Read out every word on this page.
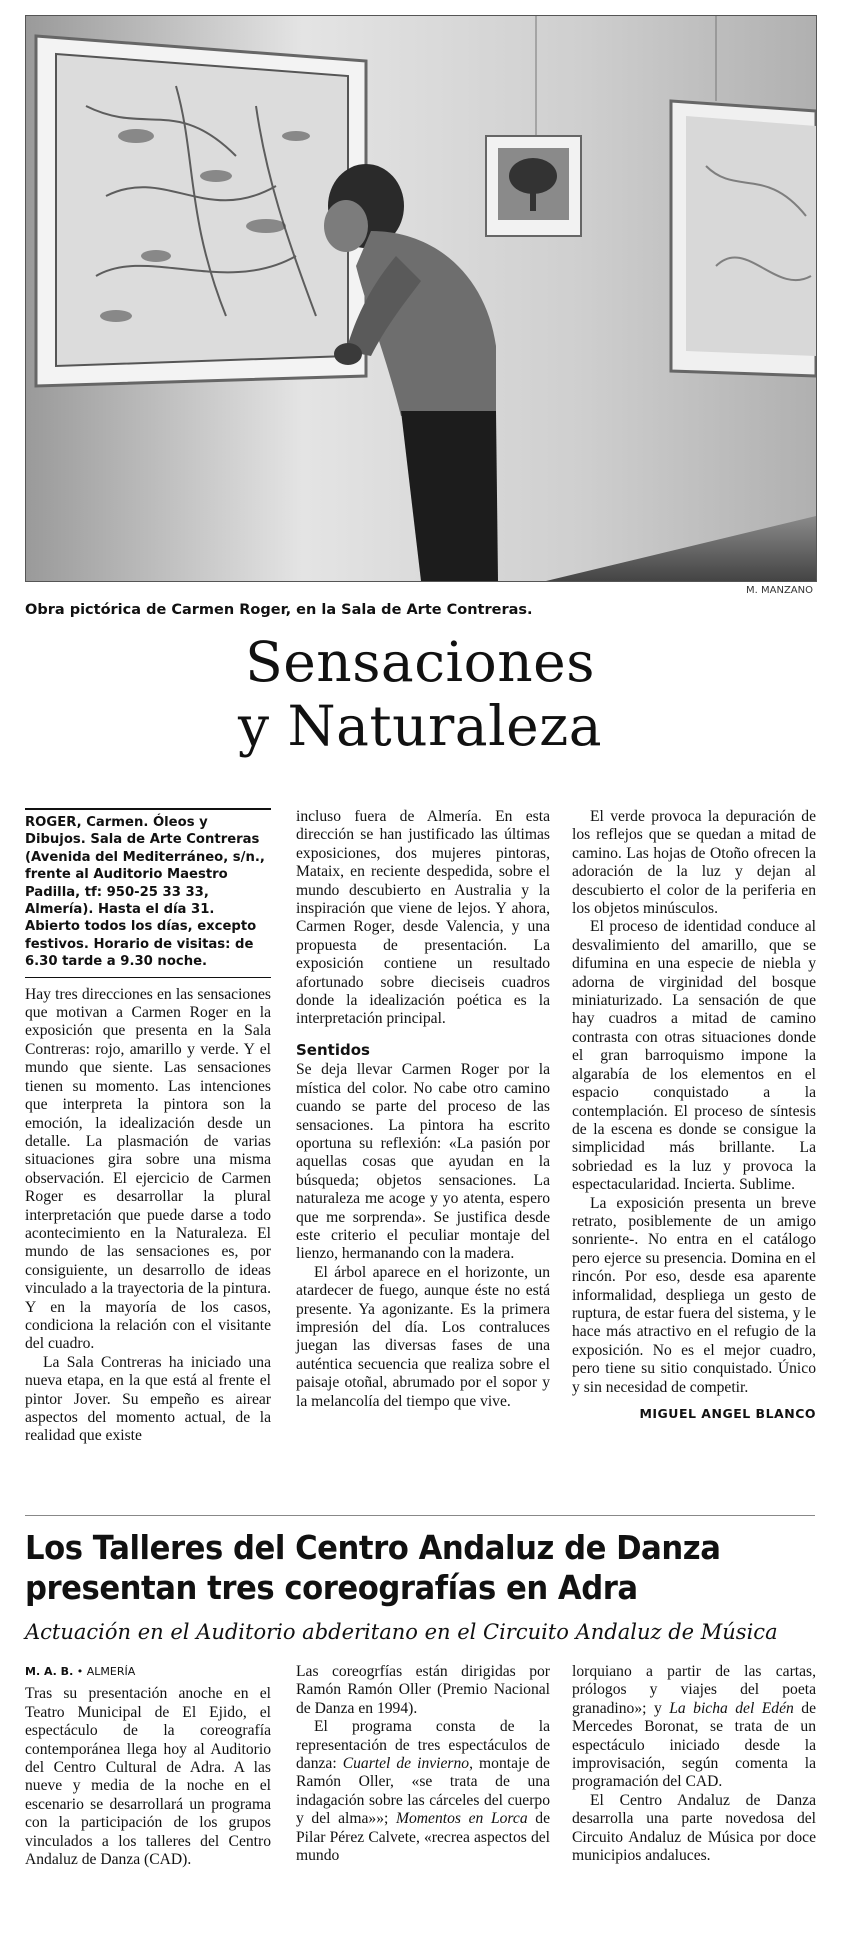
M. MANZANO
Obra pictórica de Carmen Roger, en la Sala de Arte Contreras.
Sensaciones
y Naturaleza
ROGER, Carmen. Óleos y Dibujos. Sala de Arte Contreras (Avenida del Mediterráneo, s/n., frente al Auditorio Maestro Padilla, tf: 950-25 33 33, Almería). Hasta el día 31. Abierto todos los días, excepto festivos. Horario de visitas: de 6.30 tarde a 9.30 noche.

Hay tres direcciones en las sensaciones que motivan a Carmen Roger en la exposición que presenta en la Sala Contreras: rojo, amarillo y verde. Y el mundo que siente. Las sensaciones tienen su momento. Las intenciones que interpreta la pintora son la emoción, la idealización desde un detalle. La plasmación de varias situaciones gira sobre una misma observación. El ejercicio de Carmen Roger es desarrollar la plural interpretación que puede darse a todo acontecimiento en la Naturaleza. El mundo de las sensaciones es, por consiguiente, un desarrollo de ideas vinculado a la trayectoria de la pintura. Y en la mayoría de los casos, condiciona la relación con el visitante del cuadro.

La Sala Contreras ha iniciado una nueva etapa, en la que está al frente el pintor Jover. Su empeño es airear aspectos del momento actual, de la realidad que existe

incluso fuera de Almería. En esta dirección se han justificado las últimas exposiciones, dos mujeres pintoras, Mataix, en reciente despedida, sobre el mundo descubierto en Australia y la inspiración que viene de lejos. Y ahora, Carmen Roger, desde Valencia, y una propuesta de presentación. La exposición contiene un resultado afortunado sobre dieciseis cuadros donde la idealización poética es la interpretación principal.

Sentidos

Se deja llevar Carmen Roger por la mística del color. No cabe otro camino cuando se parte del proceso de las sensaciones. La pintora ha escrito oportuna su reflexión: «La pasión por aquellas cosas que ayudan en la búsqueda; objetos sensaciones. La naturaleza me acoge y yo atenta, espero que me sorprenda». Se justifica desde este criterio el peculiar montaje del lienzo, hermanando con la madera.

El árbol aparece en el horizonte, un atardecer de fuego, aunque éste no está presente. Ya agonizante. Es la primera impresión del día. Los contraluces juegan las diversas fases de una auténtica secuencia que realiza sobre el paisaje otoñal, abrumado por el sopor y la melancolía del tiempo que vive.

El verde provoca la depuración de los reflejos que se quedan a mitad de camino. Las hojas de Otoño ofrecen la adoración de la luz y dejan al descubierto el color de la periferia en los objetos minúsculos.

El proceso de identidad conduce al desvalimiento del amarillo, que se difumina en una especie de niebla y adorna de virginidad del bosque miniaturizado. La sensación de que hay cuadros a mitad de camino contrasta con otras situaciones donde el gran barroquismo impone la algarabía de los elementos en el espacio conquistado a la contemplación. El proceso de síntesis de la escena es donde se consigue la simplicidad más brillante. La sobriedad es la luz y provoca la espectacularidad. Incierta. Sublime.

La exposición presenta un breve retrato, posiblemente de un amigo sonriente-. No entra en el catálogo pero ejerce su presencia. Domina en el rincón. Por eso, desde esa aparente informalidad, despliega un gesto de ruptura, de estar fuera del sistema, y le hace más atractivo en el refugio de la exposición. No es el mejor cuadro, pero tiene su sitio conquistado. Único y sin necesidad de competir.

MIGUEL ANGEL BLANCO
Los Talleres del Centro Andaluz de Danza
presentan tres coreografías en Adra
Actuación en el Auditorio abderitano en el Circuito Andaluz de Música
M. A. B. • ALMERÍA

Tras su presentación anoche en el Teatro Municipal de El Ejido, el espectáculo de la coreografía contemporánea llega hoy al Auditorio del Centro Cultural de Adra. A las nueve y media de la noche en el escenario se desarrollará un programa con la participación de los grupos vinculados a los talleres del Centro Andaluz de Danza (CAD).

Las coreogrfías están dirigidas por Ramón Ramón Oller (Premio Nacional de Danza en 1994).

El programa consta de la representación de tres espectáculos de danza: Cuartel de invierno, montaje de Ramón Oller, «se trata de una indagación sobre las cárceles del cuerpo y del alma»»; Momentos en Lorca de Pilar Pérez Calvete, «recrea aspectos del mundo

lorquiano a partir de las cartas, prólogos y viajes del poeta granadino»; y La bicha del Edén de Mercedes Boronat, se trata de un espectáculo iniciado desde la improvisación, según comenta la programación del CAD.

El Centro Andaluz de Danza desarrolla una parte novedosa del Circuito Andaluz de Música por doce municipios andaluces.
